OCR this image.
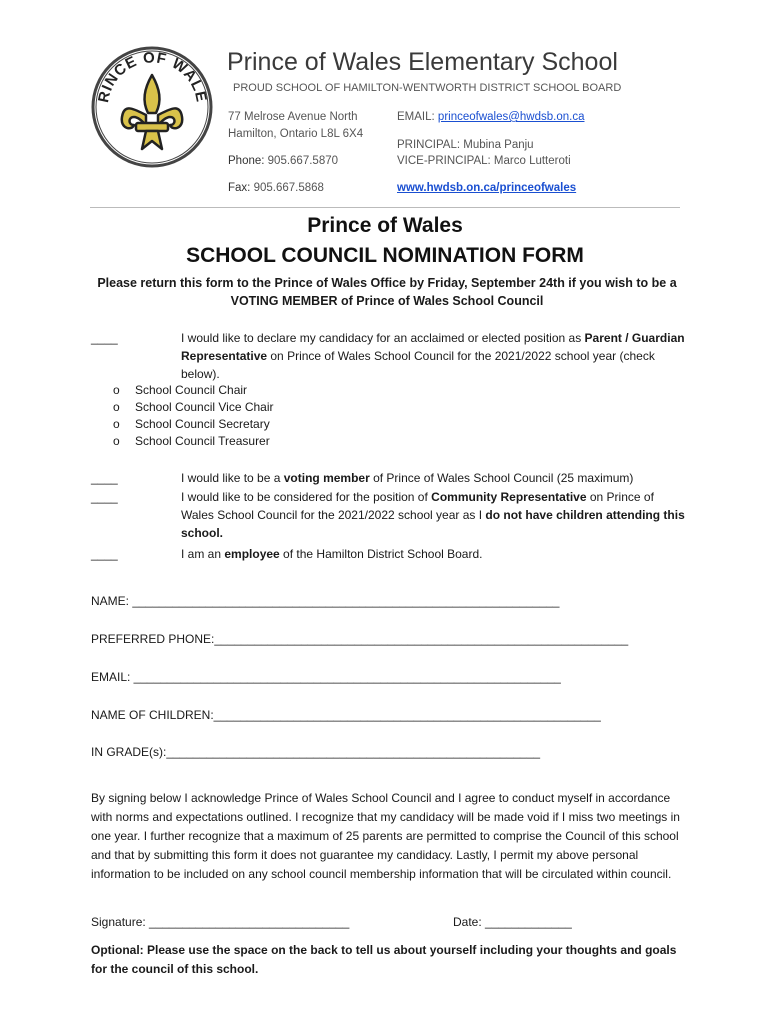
RINCE OF WALE
Prince of Wales Elementary School
PROUD SCHOOL OF HAMILTON-WENTWORTH DISTRICT SCHOOL BOARD
77 Melrose Avenue North
Hamilton, Ontario L8L 6X4
Phone: 905.667.5870
Fax: 905.667.5868
EMAIL: princeofwales@hwdsb.on.ca
PRINCIPAL: Mubina Panju
VICE-PRINCIPAL: Marco Lutteroti
www.hwdsb.on.ca/princeofwales
Prince of Wales
SCHOOL COUNCIL NOMINATION FORM
Please return this form to the Prince of Wales Office by Friday, September 24th if you wish to be a VOTING MEMBER of Prince of Wales School Council
____	I would like to declare my candidacy for an acclaimed or elected position as Parent / Guardian Representative on Prince of Wales School Council for the 2021/2022 school year (check below).
o	School Council Chair
o	School Council Vice Chair
o	School Council Secretary
o	School Council Treasurer
____	I would like to be a voting member of Prince of Wales School Council (25 maximum)
____	I would like to be considered for the position of Community Representative on Prince of Wales School Council for the 2021/2022 school year as I do not have children attending this school.
____	I am an employee of the Hamilton District School Board.
NAME: ________________________________________________________________
PREFERRED PHONE:______________________________________________________________
EMAIL: ________________________________________________________________
NAME OF CHILDREN:__________________________________________________________
IN GRADE(s):________________________________________________________
By signing below I acknowledge Prince of Wales School Council and I agree to conduct myself in accordance with norms and expectations outlined. I recognize that my candidacy will be made void if I miss two meetings in one year. I further recognize that a maximum of 25 parents are permitted to comprise the Council of this school and that by submitting this form it does not guarantee my candidacy. Lastly, I permit my above personal information to be included on any school council membership information that will be circulated within council.
Signature: ______________________________	Date: _____________
Optional: Please use the space on the back to tell us about yourself including your thoughts and goals for the council of this school.
